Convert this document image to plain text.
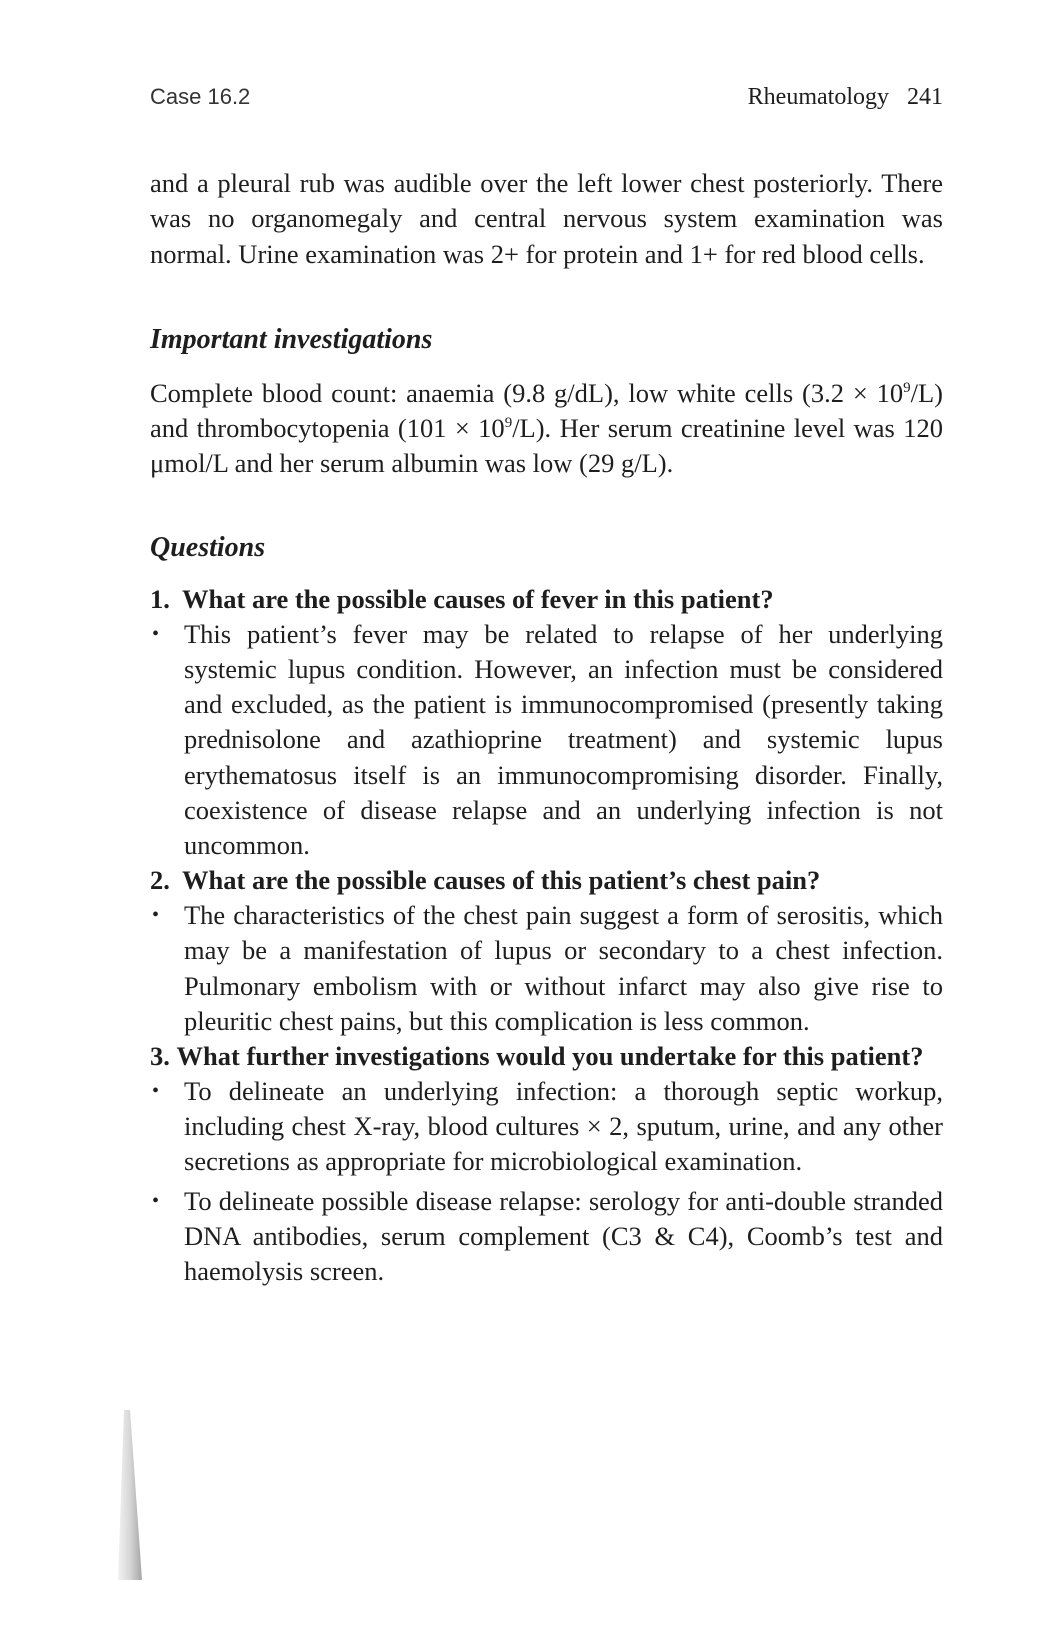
Case 16.2	Rheumatology 241

and a pleural rub was audible over the left lower chest posteriorly. There was no organomegaly and central nervous system examination was normal. Urine examination was 2+ for protein and 1+ for red blood cells.

Important investigations

Complete blood count: anaemia (9.8 g/dL), low white cells $(3.2 \times 10^9/L)$ and thrombocytopenia $(101 \times 10^9/L)$. Her serum creatinine level was 120 μmol/L and her serum albumin was low (29 g/L).

Questions
1. What are the possible causes of fever in this patient?
• This patient’s fever may be related to relapse of her underlying systemic lupus condition. However, an infection must be considered and excluded, as the patient is immunocompromised (presently taking prednisolone and azathioprine treatment) and systemic lupus erythematosus itself is an immunocompromising disorder. Finally, coexistence of disease relapse and an underlying infection is not uncommon.
2. What are the possible causes of this patient’s chest pain?
• The characteristics of the chest pain suggest a form of serositis, which may be a manifestation of lupus or secondary to a chest infection. Pulmonary embolism with or without infarct may also give rise to pleuritic chest pains, but this complication is less common.
3. What further investigations would you undertake for this patient?
• To delineate an underlying infection: a thorough septic workup, including chest X-ray, blood cultures × 2, sputum, urine, and any other secretions as appropriate for microbiological examination.
• To delineate possible disease relapse: serology for anti-double stranded DNA antibodies, serum complement (C3 & C4), Coomb’s test and haemolysis screen.
